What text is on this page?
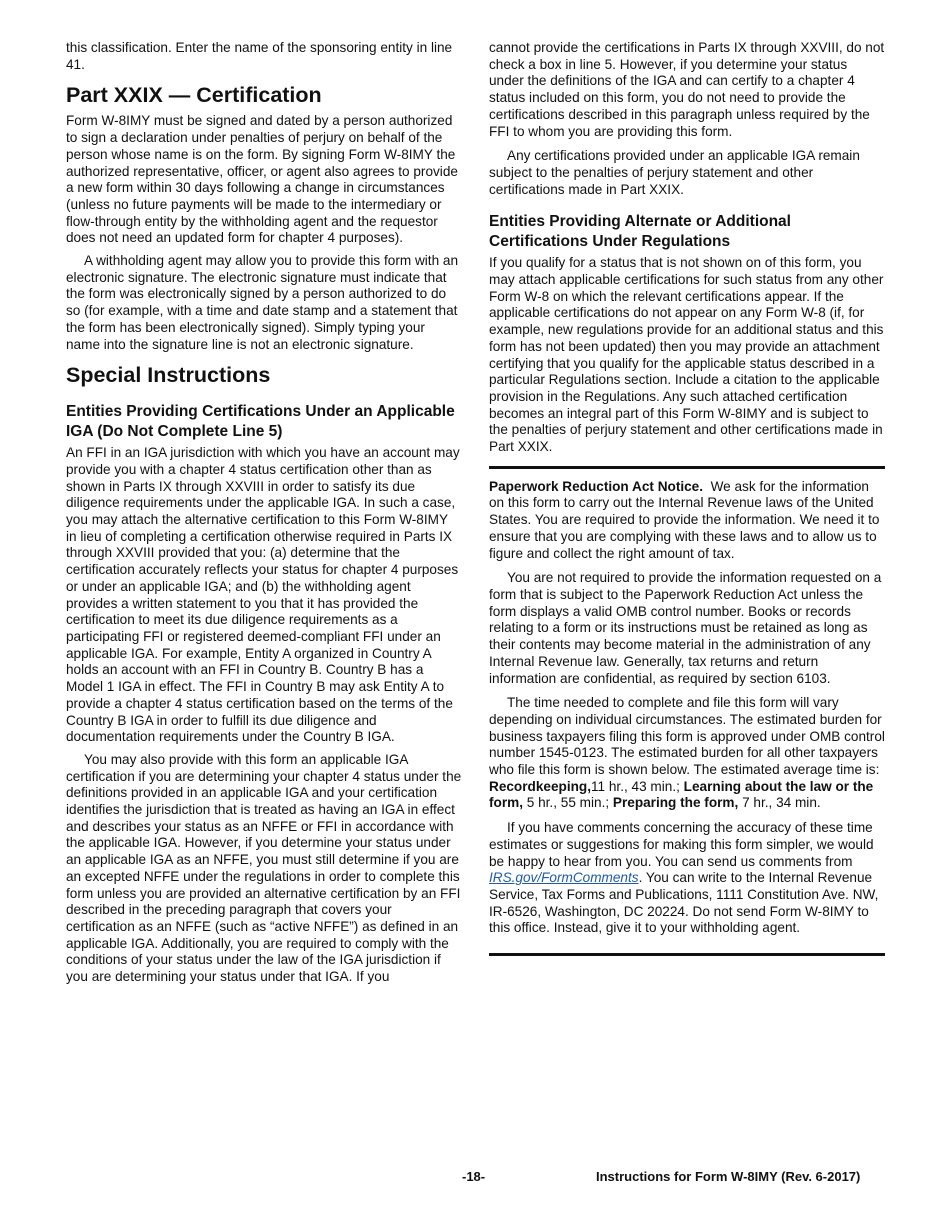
this classification. Enter the name of the sponsoring entity in line 41.

Part XXIX — Certification

Form W-8IMY must be signed and dated by a person authorized to sign a declaration under penalties of perjury on behalf of the person whose name is on the form. By signing Form W-8IMY the authorized representative, officer, or agent also agrees to provide a new form within 30 days following a change in circumstances (unless no future payments will be made to the intermediary or flow-through entity by the withholding agent and the requestor does not need an updated form for chapter 4 purposes).

A withholding agent may allow you to provide this form with an electronic signature. The electronic signature must indicate that the form was electronically signed by a person authorized to do so (for example, with a time and date stamp and a statement that the form has been electronically signed). Simply typing your name into the signature line is not an electronic signature.

Special Instructions
Entities Providing Certifications Under an Applicable IGA (Do Not Complete Line 5)

An FFI in an IGA jurisdiction with which you have an account may provide you with a chapter 4 status certification other than as shown in Parts IX through XXVIII in order to satisfy its due diligence requirements under the applicable IGA. In such a case, you may attach the alternative certification to this Form W-8IMY in lieu of completing a certification otherwise required in Parts IX through XXVIII provided that you: (a) determine that the certification accurately reflects your status for chapter 4 purposes or under an applicable IGA; and (b) the withholding agent provides a written statement to you that it has provided the certification to meet its due diligence requirements as a participating FFI or registered deemed-compliant FFI under an applicable IGA. For example, Entity A organized in Country A holds an account with an FFI in Country B. Country B has a Model 1 IGA in effect. The FFI in Country B may ask Entity A to provide a chapter 4 status certification based on the terms of the Country B IGA in order to fulfill its due diligence and documentation requirements under the Country B IGA.

You may also provide with this form an applicable IGA certification if you are determining your chapter 4 status under the definitions provided in an applicable IGA and your certification identifies the jurisdiction that is treated as having an IGA in effect and describes your status as an NFFE or FFI in accordance with the applicable IGA. However, if you determine your status under an applicable IGA as an NFFE, you must still determine if you are an excepted NFFE under the regulations in order to complete this form unless you are provided an alternative certification by an FFI described in the preceding paragraph that covers your certification as an NFFE (such as “active NFFE”) as defined in an applicable IGA. Additionally, you are required to comply with the conditions of your status under the law of the IGA jurisdiction if you are determining your status under that IGA. If you

cannot provide the certifications in Parts IX through XXVIII, do not check a box in line 5. However, if you determine your status under the definitions of the IGA and can certify to a chapter 4 status included on this form, you do not need to provide the certifications described in this paragraph unless required by the FFI to whom you are providing this form.

Any certifications provided under an applicable IGA remain subject to the penalties of perjury statement and other certifications made in Part XXIX.

Entities Providing Alternate or Additional Certifications Under Regulations

If you qualify for a status that is not shown on of this form, you may attach applicable certifications for such status from any other Form W-8 on which the relevant certifications appear. If the applicable certifications do not appear on any Form W-8 (if, for example, new regulations provide for an additional status and this form has not been updated) then you may provide an attachment certifying that you qualify for the applicable status described in a particular Regulations section. Include a citation to the applicable provision in the Regulations. Any such attached certification becomes an integral part of this Form W-8IMY and is subject to the penalties of perjury statement and other certifications made in Part XXIX.

Paperwork Reduction Act Notice. We ask for the information on this form to carry out the Internal Revenue laws of the United States. You are required to provide the information. We need it to ensure that you are complying with these laws and to allow us to figure and collect the right amount of tax.

You are not required to provide the information requested on a form that is subject to the Paperwork Reduction Act unless the form displays a valid OMB control number. Books or records relating to a form or its instructions must be retained as long as their contents may become material in the administration of any Internal Revenue law. Generally, tax returns and return information are confidential, as required by section 6103.

The time needed to complete and file this form will vary depending on individual circumstances. The estimated burden for business taxpayers filing this form is approved under OMB control number 1545-0123. The estimated burden for all other taxpayers who file this form is shown below. The estimated average time is: Recordkeeping,11 hr., 43 min.; Learning about the law or the form, 5 hr., 55 min.; Preparing the form, 7 hr., 34 min.

If you have comments concerning the accuracy of these time estimates or suggestions for making this form simpler, we would be happy to hear from you. You can send us comments from IRS.gov/FormComments. You can write to the Internal Revenue Service, Tax Forms and Publications, 1111 Constitution Ave. NW, IR-6526, Washington, DC 20224. Do not send Form W-8IMY to this office. Instead, give it to your withholding agent.

-18-	Instructions for Form W-8IMY (Rev. 6-2017)
